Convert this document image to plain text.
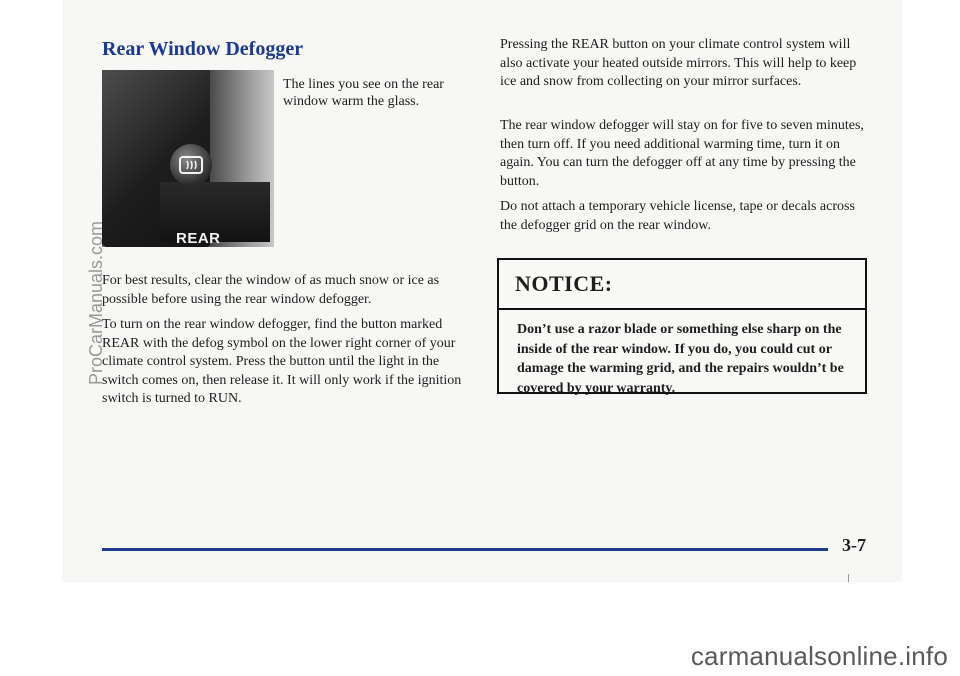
Rear Window Defogger
REAR

The lines you see on the rear window warm the glass.

For best results, clear the window of as much snow or ice as possible before using the rear window defogger.

To turn on the rear window defogger, find the button marked REAR with the defog symbol on the lower right corner of your climate control system. Press the button until the light in the switch comes on, then release it. It will only work if the ignition switch is turned to RUN.

Pressing the REAR button on your climate control system will also activate your heated outside mirrors. This will help to keep ice and snow from collecting on your mirror surfaces.

The rear window defogger will stay on for five to seven minutes, then turn off. If you need additional warming time, turn it on again. You can turn the defogger off at any time by pressing the button.

Do not attach a temporary vehicle license, tape or decals across the defogger grid on the rear window.

NOTICE:

Don’t use a razor blade or something else sharp on the inside of the rear window. If you do, you could cut or damage the warming grid, and the repairs wouldn’t be covered by your warranty.

3-7
ProCarManuals.com
carmanualsonline.info
